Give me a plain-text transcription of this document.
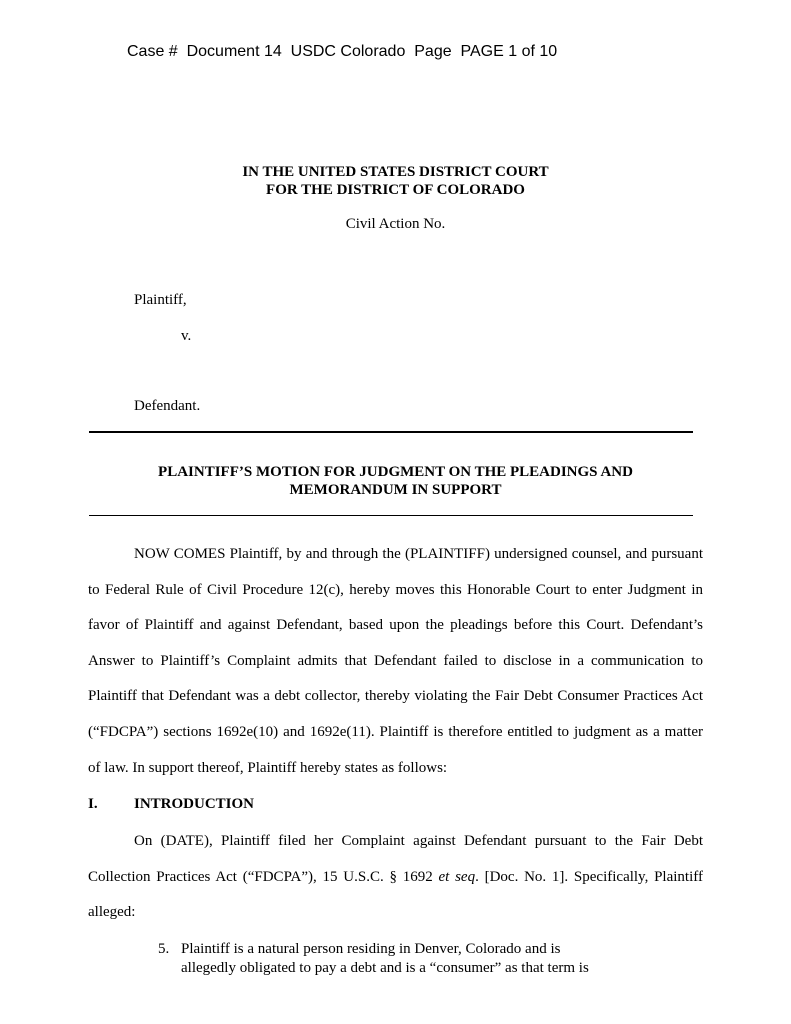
Case #  Document 14  USDC Colorado  Page  PAGE 1 of 10
IN THE UNITED STATES DISTRICT COURT
FOR THE DISTRICT OF COLORADO
Civil Action No.
Plaintiff,
v.
Defendant.
PLAINTIFF’S MOTION FOR JUDGMENT ON THE PLEADINGS AND
MEMORANDUM IN SUPPORT
NOW COMES Plaintiff, by and through the (PLAINTIFF) undersigned counsel, and pursuant to Federal Rule of Civil Procedure 12(c), hereby moves this Honorable Court to enter Judgment in favor of Plaintiff and against Defendant, based upon the pleadings before this Court. Defendant’s Answer to Plaintiff’s Complaint admits that Defendant failed to disclose in a communication to Plaintiff that Defendant was a debt collector, thereby violating the Fair Debt Consumer Practices Act (“FDCPA”) sections 1692e(10) and 1692e(11). Plaintiff is therefore entitled to judgment as a matter of law. In support thereof, Plaintiff hereby states as follows:
I. INTRODUCTION
On (DATE), Plaintiff filed her Complaint against Defendant pursuant to the Fair Debt Collection Practices Act (“FDCPA”), 15 U.S.C. § 1692 et seq. [Doc. No. 1]. Specifically, Plaintiff alleged:
5. Plaintiff is a natural person residing in Denver, Colorado and is
allegedly obligated to pay a debt and is a “consumer” as that term is
